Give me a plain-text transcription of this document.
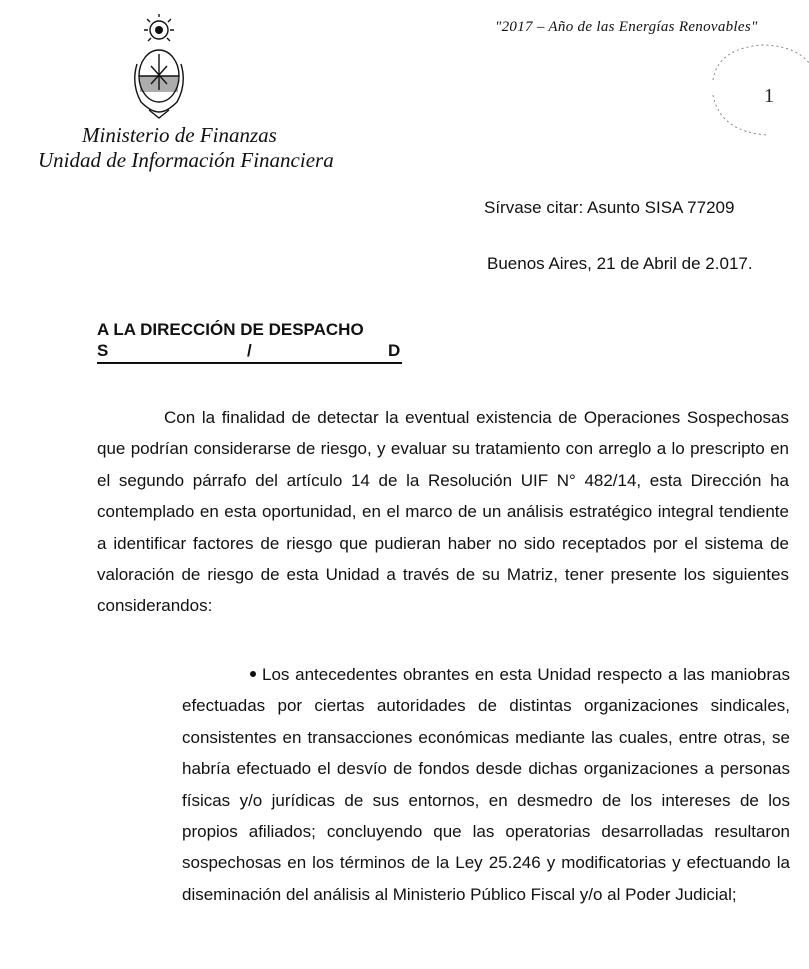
"2017 – Año de las Energías Renovables"
1
Ministerio de Finanzas
Unidad de Información Financiera
Sírvase citar: Asunto SISA 77209
Buenos Aires, 21 de Abril de 2.017.
A LA DIRECCIÓN DE DESPACHO
S	/	D
Con la finalidad de detectar la eventual existencia de Operaciones Sospechosas que podrían considerarse de riesgo, y evaluar su tratamiento con arreglo a lo prescripto en el segundo párrafo del artículo 14 de la Resolución UIF N° 482/14, esta Dirección ha contemplado en esta oportunidad, en el marco de un análisis estratégico integral tendiente a identificar factores de riesgo que pudieran haber no sido receptados por el sistema de valoración de riesgo de esta Unidad a través de su Matriz, tener presente los siguientes considerandos:
Los antecedentes obrantes en esta Unidad respecto a las maniobras efectuadas por ciertas autoridades de distintas organizaciones sindicales, consistentes en transacciones económicas mediante las cuales, entre otras, se habría efectuado el desvío de fondos desde dichas organizaciones a personas físicas y/o jurídicas de sus entornos, en desmedro de los intereses de los propios afiliados; concluyendo que las operatorias desarrolladas resultaron sospechosas en los términos de la Ley 25.246 y modificatorias y efectuando la diseminación del análisis al Ministerio Público Fiscal y/o al Poder Judicial;
